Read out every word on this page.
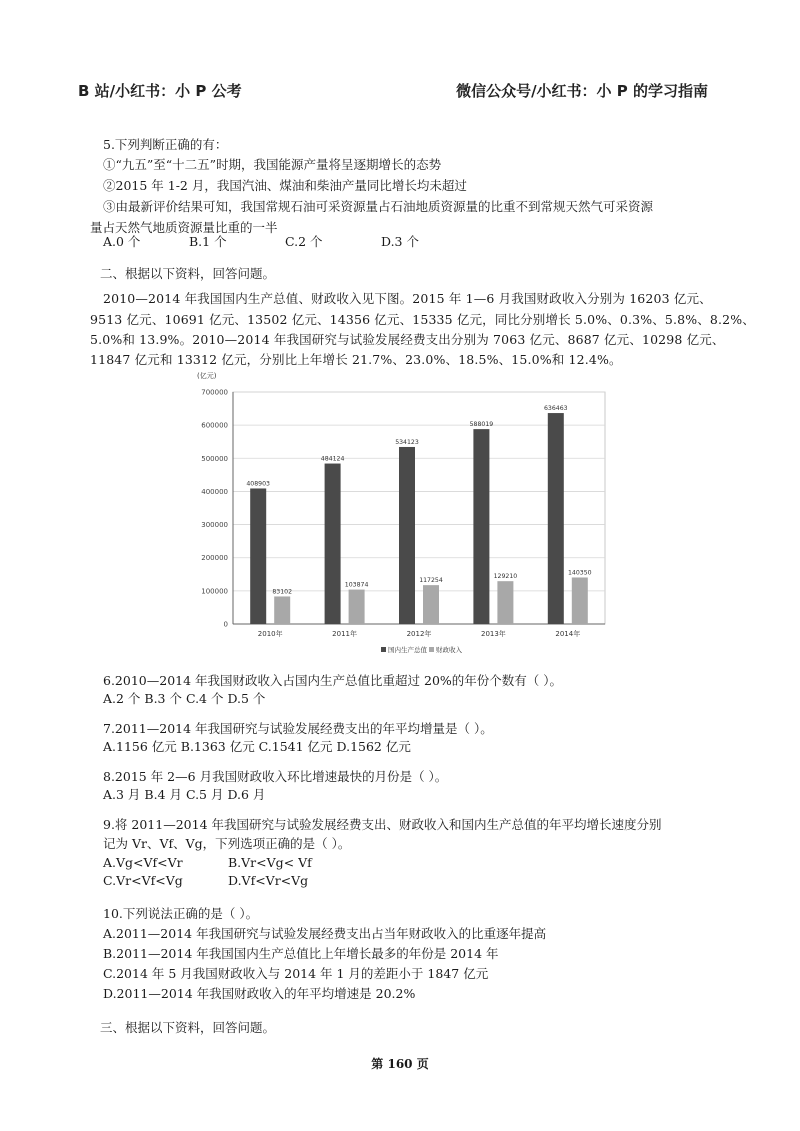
B 站/小红书：小 P 公考	微信公众号/小红书：小 P 的学习指南
5.下列判断正确的有：
①“九五”至“十二五”时期，我国能源产量将呈逐期增长的态势
②2015 年 1-2 月，我国汽油、煤油和柴油产量同比增长均未超过
③由最新评价结果可知，我国常规石油可采资源量占石油地质资源量的比重不到常规天然气可采资源
量占天然气地质资源量比重的一半
A.0 个	B.1 个	C.2 个	D.3 个
二、根据以下资料，回答问题。
2010—2014 年我国国内生产总值、财政收入见下图。2015 年 1—6 月我国财政收入分别为 16203 亿元、
9513 亿元、10691 亿元、13502 亿元、14356 亿元、15335 亿元，同比分别增长 5.0%、0.3%、5.8%、8.2%、
5.0%和 13.9%。2010—2014 年我国研究与试验发展经费支出分别为 7063 亿元、8687 亿元、10298 亿元、
11847 亿元和 13312 亿元，分别比上年增长 21.7%、23.0%、18.5%、15.0%和 12.4%。
(亿元)
0
100000
200000
300000
400000
500000
600000
700000
408903
83102
2010年
484124
103874
2011年
534123
117254
2012年
588019
129210
2013年
636463
140350
2014年
国内生产总值 财政收入
6.2010—2014 年我国财政收入占国内生产总值比重超过 20%的年份个数有（ ）。
A.2 个 B.3 个 C.4 个 D.5 个
7.2011—2014 年我国研究与试验发展经费支出的年平均增量是（ ）。
A.1156 亿元 B.1363 亿元 C.1541 亿元 D.1562 亿元
8.2015 年 2—6 月我国财政收入环比增速最快的月份是（ ）。
A.3 月 B.4 月 C.5 月 D.6 月
9.将 2011—2014 年我国研究与试验发展经费支出、财政收入和国内生产总值的年平均增长速度分别
记为 Vr、Vf、Vg，下列选项正确的是（ ）。
A.Vg<Vf<Vr	B.Vr<Vg< Vf
C.Vr<Vf<Vg	D.Vf<Vr<Vg
10.下列说法正确的是（ ）。
A.2011—2014 年我国研究与试验发展经费支出占当年财政收入的比重逐年提高
B.2011—2014 年我国国内生产总值比上年增长最多的年份是 2014 年
C.2014 年 5 月我国财政收入与 2014 年 1 月的差距小于 1847 亿元
D.2011—2014 年我国财政收入的年平均增速是 20.2%
三、根据以下资料，回答问题。
第 160 页
